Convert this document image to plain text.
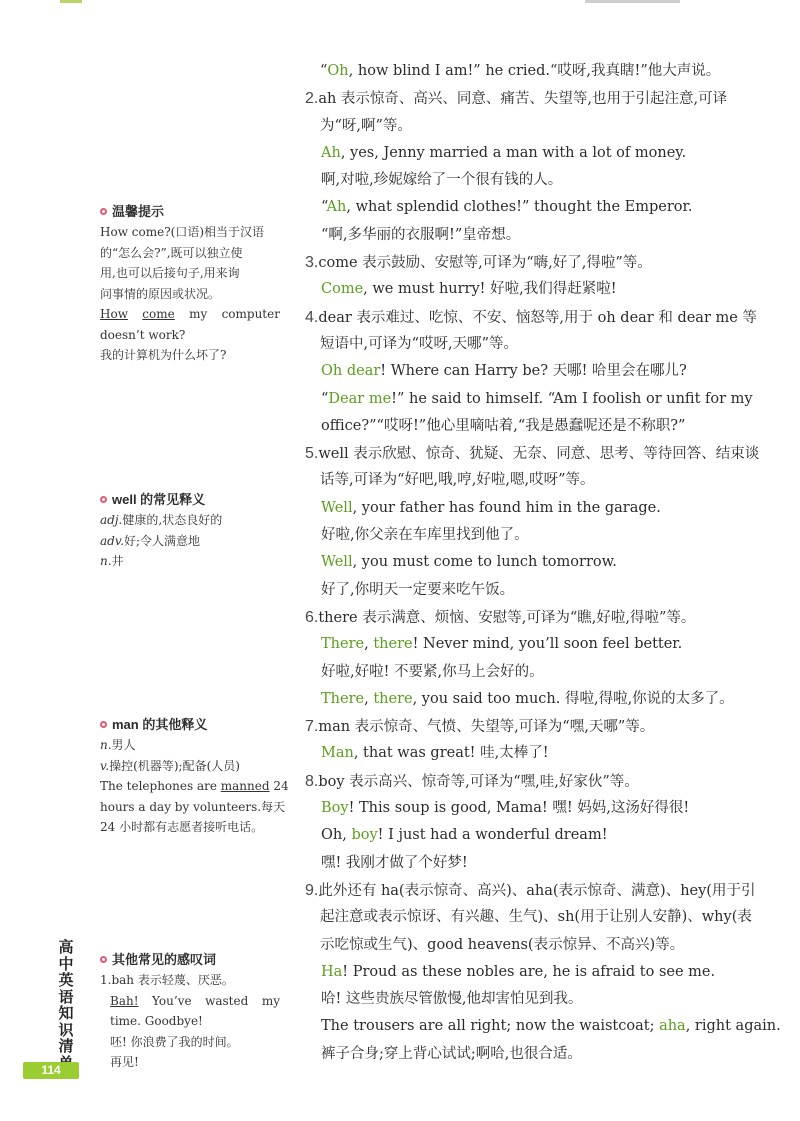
“Oh, how blind I am!” he cried.“哎呀,我真瞎!”他大声说。
2.ah 表示惊奇、高兴、同意、痛苦、失望等,也用于引起注意,可译
为“呀,啊”等。
Ah, yes, Jenny married a man with a lot of money.
啊,对啦,珍妮嫁给了一个很有钱的人。
“Ah, what splendid clothes!” thought the Emperor.
“啊,多华丽的衣服啊!”皇帝想。
3.come 表示鼓励、安慰等,可译为“嗨,好了,得啦”等。
Come, we must hurry! 好啦,我们得赶紧啦!
4.dear 表示难过、吃惊、不安、恼怒等,用于 oh dear 和 dear me 等
短语中,可译为“哎呀,天哪”等。
Oh dear! Where can Harry be? 天哪! 哈里会在哪儿?
“Dear me!” he said to himself. “Am I foolish or unfit for my
office?”“哎呀!”他心里嘀咕着,“我是愚蠢呢还是不称职?”
5.well 表示欣慰、惊奇、犹疑、无奈、同意、思考、等待回答、结束谈
话等,可译为“好吧,哦,哼,好啦,嗯,哎呀”等。
Well, your father has found him in the garage.
好啦,你父亲在车库里找到他了。
Well, you must come to lunch tomorrow.
好了,你明天一定要来吃午饭。
6.there 表示满意、烦恼、安慰等,可译为“瞧,好啦,得啦”等。
There, there! Never mind, you’ll soon feel better.
好啦,好啦! 不要紧,你马上会好的。
There, there, you said too much. 得啦,得啦,你说的太多了。
7.man 表示惊奇、气愤、失望等,可译为“嘿,天哪”等。
Man, that was great! 哇,太棒了!
8.boy 表示高兴、惊奇等,可译为“嘿,哇,好家伙”等。
Boy! This soup is good, Mama! 嘿! 妈妈,这汤好得很!
Oh, boy! I just had a wonderful dream!
嘿! 我刚才做了个好梦!
9.此外还有 ha(表示惊奇、高兴)、aha(表示惊奇、满意)、hey(用于引
起注意或表示惊讶、有兴趣、生气)、sh(用于让别人安静)、why(表
示吃惊或生气)、good heavens(表示惊异、不高兴)等。
Ha! Proud as these nobles are, he is afraid to see me.
哈! 这些贵族尽管傲慢,他却害怕见到我。
The trousers are all right; now the waistcoat; aha, right again.
裤子合身;穿上背心试试;啊哈,也很合适。
温馨提示
How come?(口语)相当于汉语
的“怎么会?”,既可以独立使
用,也可以后接句子,用来询
问事情的原因或状况。
How come my computer
doesn’t work?
我的计算机为什么坏了?
well 的常见释义
adj.健康的,状态良好的
adv.好;令人满意地
n.井
man 的其他释义
n.男人
v.操控(机器等);配备(人员)
The telephones are manned 24
hours a day by volunteers.每天
24 小时都有志愿者接听电话。
其他常见的感叹词
1.bah 表示轻蔑、厌恶。
Bah! You’ve wasted my
time. Goodbye!
呸! 你浪费了我的时间。
再见!
高中英语知识清
114
